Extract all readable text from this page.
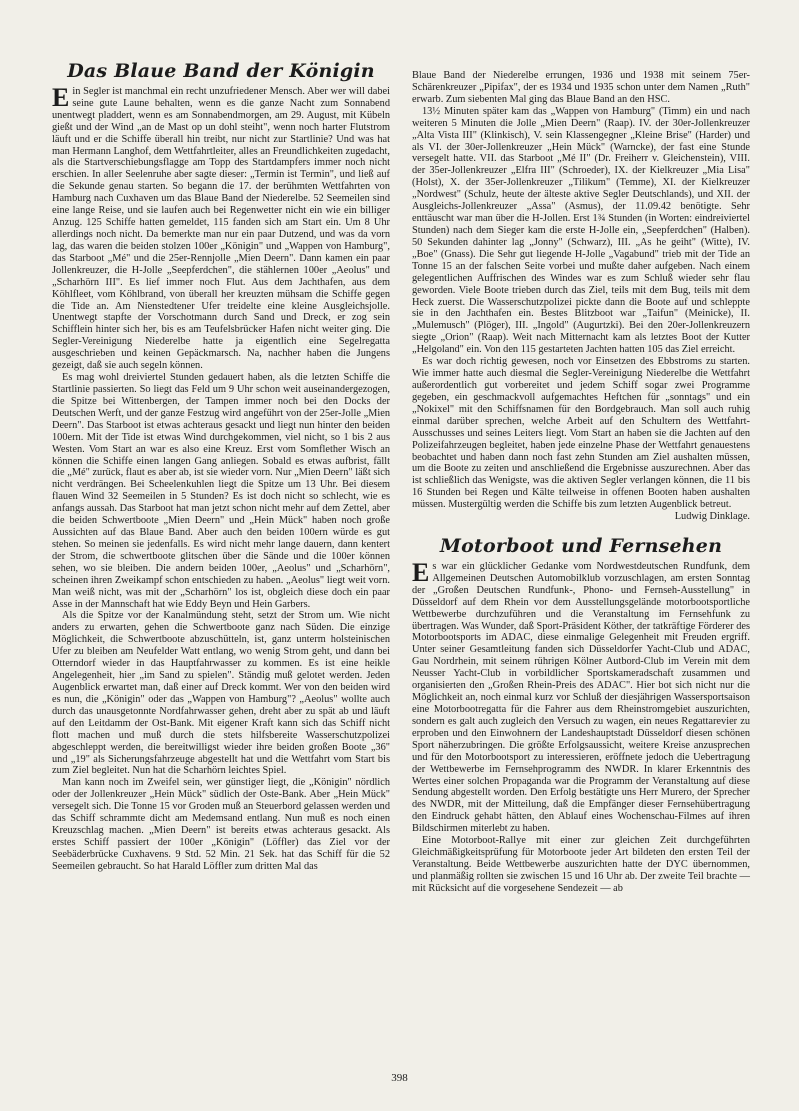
Das Blaue Band der Königin

Ein Segler ist manchmal ein recht unzufriedener Mensch. Aber wer will dabei seine gute Laune behalten, wenn es die ganze Nacht zum Sonnabend unentwegt pladdert, wenn es am Sonnabendmorgen, am 29. August, mit Kübeln gießt und der Wind „an de Mast op un dohl steiht", wenn noch harter Flutstrom läuft und er die Schiffe überall hin treibt, nur nicht zur Startlinie? Und was hat man Hermann Langhof, dem Wettfahrtleiter, alles an Freundlichkeiten zugedacht, als die Startverschiebungsflagge am Topp des Startdampfers immer noch nicht erschien. In aller Seelenruhe aber sagte dieser: „Termin ist Termin", und ließ auf die Sekunde genau starten. So begann die 17. der berühmten Wettfahrten von Hamburg nach Cuxhaven um das Blaue Band der Niederelbe. 52 Seemeilen sind eine lange Reise, und sie laufen auch bei Regenwetter nicht ein wie ein billiger Anzug. 125 Schiffe hatten gemeldet, 115 fanden sich am Start ein. Um 8 Uhr allerdings noch nicht. Da bemerkte man nur ein paar Dutzend, und was da vorn lag, das waren die beiden stolzen 100er „Königin" und „Wappen von Hamburg", das Starboot „Mé" und die 25er-Rennjolle „Mien Deern". Dann kamen ein paar Jollenkreuzer, die H-Jolle „Seepferdchen", die stählernen 100er „Aeolus" und „Scharhörn III". Es lief immer noch Flut. Aus dem Jachthafen, aus dem Köhlfleet, vom Köhlbrand, von überall her kreuzten mühsam die Schiffe gegen die Tide an. Am Nienstedtener Ufer treidelte eine kleine Ausgleichsjolle. Unentwegt stapfte der Vorschotmann durch Sand und Dreck, er zog sein Schifflein hinter sich her, bis es am Teufelsbrücker Hafen nicht weiter ging. Die Segler-Vereinigung Niederelbe hatte ja eigentlich eine Segelregatta ausgeschrieben und keinen Gepäckmarsch. Na, nachher haben die Jungens gezeigt, daß sie auch segeln können.

Es mag wohl dreiviertel Stunden gedauert haben, als die letzten Schiffe die Startlinie passierten. So liegt das Feld um 9 Uhr schon weit auseinandergezogen, die Spitze bei Wittenbergen, der Tampen immer noch bei den Docks der Deutschen Werft, und der ganze Festzug wird angeführt von der 25er-Jolle „Mien Deern". Das Starboot ist etwas achteraus gesackt und liegt nun hinter den beiden 100ern. Mit der Tide ist etwas Wind durchgekommen, viel nicht, so 1 bis 2 aus Westen. Vom Start an war es also eine Kreuz. Erst vom Somflether Wisch an können die Schiffe einen langen Gang anliegen. Sobald es etwas aufbrist, fällt die „Mé" zurück, flaut es aber ab, ist sie wieder vorn. Nur „Mien Deern" läßt sich nicht verdrängen. Bei Scheelenkuhlen liegt die Spitze um 13 Uhr. Bei diesem flauen Wind 32 Seemeilen in 5 Stunden? Es ist doch nicht so schlecht, wie es anfangs aussah. Das Starboot hat man jetzt schon nicht mehr auf dem Zettel, aber die beiden Schwertboote „Mien Deern" und „Hein Mück" haben noch große Aussichten auf das Blaue Band. Aber auch den beiden 100ern würde es gut stehen. So meinen sie jedenfalls. Es wird nicht mehr lange dauern, dann kentert der Strom, die schwertboote glitschen über die Sände und die 100er können sehen, wo sie bleiben. Die andern beiden 100er, „Aeolus" und „Scharhörn", scheinen ihren Zweikampf schon entschieden zu haben. „Aeolus" liegt weit vorn. Man weiß nicht, was mit der „Scharhörn" los ist, obgleich diese doch ein paar Asse in der Mannschaft hat wie Eddy Beyn und Hein Garbers.

Als die Spitze vor der Kanalmündung steht, setzt der Strom um. Wie nicht anders zu erwarten, gehen die Schwertboote ganz nach Süden. Die einzige Möglichkeit, die Schwertboote abzuschütteln, ist, ganz unterm holsteinischen Ufer zu bleiben am Neufelder Watt entlang, wo wenig Strom geht, und dann bei Otterndorf wieder in das Hauptfahrwasser zu kommen. Es ist eine heikle Angelegenheit, hier „im Sand zu spielen". Ständig muß gelotet werden. Jeden Augenblick erwartet man, daß einer auf Dreck kommt. Wer von den beiden wird es nun, die „Königin" oder das „Wappen von Hamburg"? „Aeolus" wollte auch durch das unausgetonnte Nordfahrwasser gehen, dreht aber zu spät ab und läuft auf den Leitdamm der Ost-Bank. Mit eigener Kraft kann sich das Schiff nicht flott machen und muß durch die stets hilfsbereite Wasserschutzpolizei abgeschleppt werden, die bereitwilligst wieder ihre beiden großen Boote „36" und „19" als Sicherungsfahrzeuge abgestellt hat und die Wettfahrt vom Start bis zum Ziel begleitet. Nun hat die Scharhörn leichtes Spiel.

Man kann noch im Zweifel sein, wer günstiger liegt, die „Königin" nördlich oder der Jollenkreuzer „Hein Mück" südlich der Oste-Bank. Aber „Hein Mück" versegelt sich. Die Tonne 15 vor Groden muß an Steuerbord gelassen werden und das Schiff schrammte dicht am Medemsand entlang. Nun muß es noch einen Kreuzschlag machen. „Mien Deern" ist bereits etwas achteraus gesackt. Als erstes Schiff passiert der 100er „Königin" (Löffler) das Ziel vor der Seebäderbrücke Cuxhavens. 9 Std. 52 Min. 21 Sek. hat das Schiff für die 52 Seemeilen gebraucht. So hat Harald Löffler zum dritten Mal das

Blaue Band der Niederelbe errungen, 1936 und 1938 mit seinem 75er-Schärenkreuzer „Pipifax", der es 1934 und 1935 schon unter dem Namen „Ruth" erwarb. Zum siebenten Mal ging das Blaue Band an den HSC.

13½ Minuten später kam das „Wappen von Hamburg" (Timm) ein und nach weiteren 5 Minuten die Jolle „Mien Deern" (Raap). IV. der 30er-Jollenkreuzer „Alta Vista III" (Klinkisch), V. sein Klassengegner „Kleine Brise" (Harder) und als VI. der 30er-Jollenkreuzer „Hein Mück" (Warncke), der fast eine Stunde versegelt hatte. VII. das Starboot „Mé II" (Dr. Freiherr v. Gleichenstein), VIII. der 35er-Jollenkreuzer „Elfra III" (Schroeder), IX. der Kielkreuzer „Mia Lisa" (Holst), X. der 35er-Jollenkreuzer „Tilikum" (Temme), XI. der Kielkreuzer „Nordwest" (Schulz, heute der älteste aktive Segler Deutschlands), und XII. der Ausgleichs-Jollenkreuzer „Assa" (Asmus), der 11.09.42 benötigte. Sehr enttäuscht war man über die H-Jollen. Erst 1¾ Stunden (in Worten: eindreiviertel Stunden) nach dem Sieger kam die erste H-Jolle ein, „Seepferdchen" (Halben). 50 Sekunden dahinter lag „Jonny" (Schwarz), III. „As he geiht" (Witte), IV. „Boe" (Gnass). Die Sehr gut liegende H-Jolle „Vagabund" trieb mit der Tide an Tonne 15 an der falschen Seite vorbei und mußte daher aufgeben. Nach einem gelegentlichen Auffrischen des Windes war es zum Schluß wieder sehr flau geworden. Viele Boote trieben durch das Ziel, teils mit dem Bug, teils mit dem Heck zuerst. Die Wasserschutzpolizei pickte dann die Boote auf und schleppte sie in den Jachthafen ein. Bestes Blitzboot war „Taifun" (Meinicke), II. „Mulemusch" (Plöger), III. „Ingold" (Augurtzki). Bei den 20er-Jollenkreuzern siegte „Orion" (Raap). Weit nach Mitternacht kam als letztes Boot der Kutter „Helgoland" ein. Von den 115 gestarteten Jachten hatten 105 das Ziel erreicht.

Es war doch richtig gewesen, noch vor Einsetzen des Ebbstroms zu starten. Wie immer hatte auch diesmal die Segler-Vereinigung Niederelbe die Wettfahrt außerordentlich gut vorbereitet und jedem Schiff sogar zwei Programme gegeben, ein geschmackvoll aufgemachtes Heftchen für „sonntags" und ein „Nokixel" mit den Schiffsnamen für den Bordgebrauch. Man soll auch ruhig einmal darüber sprechen, welche Arbeit auf den Schultern des Wettfahrt-Ausschusses und seines Leiters liegt. Vom Start an haben sie die Jachten auf den Polizeifahrzeugen begleitet, haben jede einzelne Phase der Wettfahrt genauestens beobachtet und haben dann noch fast zehn Stunden am Ziel aushalten müssen, um die Boote zu zeiten und anschließend die Ergebnisse auszurechnen. Aber das ist schließlich das Wenigste, was die aktiven Segler verlangen können, die 11 bis 16 Stunden bei Regen und Kälte teilweise in offenen Booten haben aushalten müssen. Mustergültig werden die Schiffe bis zum letzten Augenblick betreut.

Ludwig Dinklage.

Motorboot und Fernsehen

Es war ein glücklicher Gedanke vom Nordwestdeutschen Rundfunk, dem Allgemeinen Deutschen Automobilklub vorzuschlagen, am ersten Sonntag der „Großen Deutschen Rundfunk-, Phono- und Fernseh-Ausstellung" in Düsseldorf auf dem Rhein vor dem Ausstellungsgelände motorbootsportliche Wettbewerbe durchzuführen und die Veranstaltung im Fernsehfunk zu übertragen. Was Wunder, daß Sport-Präsident Köther, der tatkräftige Förderer des Motorbootsports im ADAC, diese einmalige Gelegenheit mit Freuden ergriff. Unter seiner Gesamtleitung fanden sich Düsseldorfer Yacht-Club und ADAC, Gau Nordrhein, mit seinem rührigen Kölner Autbord-Club im Verein mit dem Neusser Yacht-Club in vorbildlicher Sportskameradschaft zusammen und organisierten den „Großen Rhein-Preis des ADAC". Hier bot sich nicht nur die Möglichkeit an, noch einmal kurz vor Schluß der diesjährigen Wassersportsaison eine Motorbootregatta für die Fahrer aus dem Rheinstromgebiet auszurichten, sondern es galt auch zugleich den Versuch zu wagen, ein neues Regattarevier zu erproben und den Einwohnern der Landeshauptstadt Düsseldorf diesen schönen Sport näherzubringen. Die größte Erfolgsaussicht, weitere Kreise anzusprechen und für den Motorbootsport zu interessieren, eröffnete jedoch die Uebertragung der Wettbewerbe im Fernsehprogramm des NWDR. In klarer Erkenntnis des Wertes einer solchen Propaganda war die Programm der Veranstaltung auf diese Sendung abgestellt worden. Den Erfolg bestätigte uns Herr Murero, der Sprecher des NWDR, mit der Mitteilung, daß die Empfänger dieser Fernsehübertragung den Eindruck gehabt hätten, den Ablauf eines Wochenschau-Filmes auf ihren Bildschirmen miterlebt zu haben.

Eine Motorboot-Rallye mit einer zur gleichen Zeit durchgeführten Gleichmäßigkeitsprüfung für Motorboote jeder Art bildeten den ersten Teil der Veranstaltung. Beide Wettbewerbe auszurichten hatte der DYC übernommen, und planmäßig rollten sie zwischen 15 und 16 Uhr ab. Der zweite Teil brachte — mit Rücksicht auf die vorgesehene Sendezeit — ab

398
